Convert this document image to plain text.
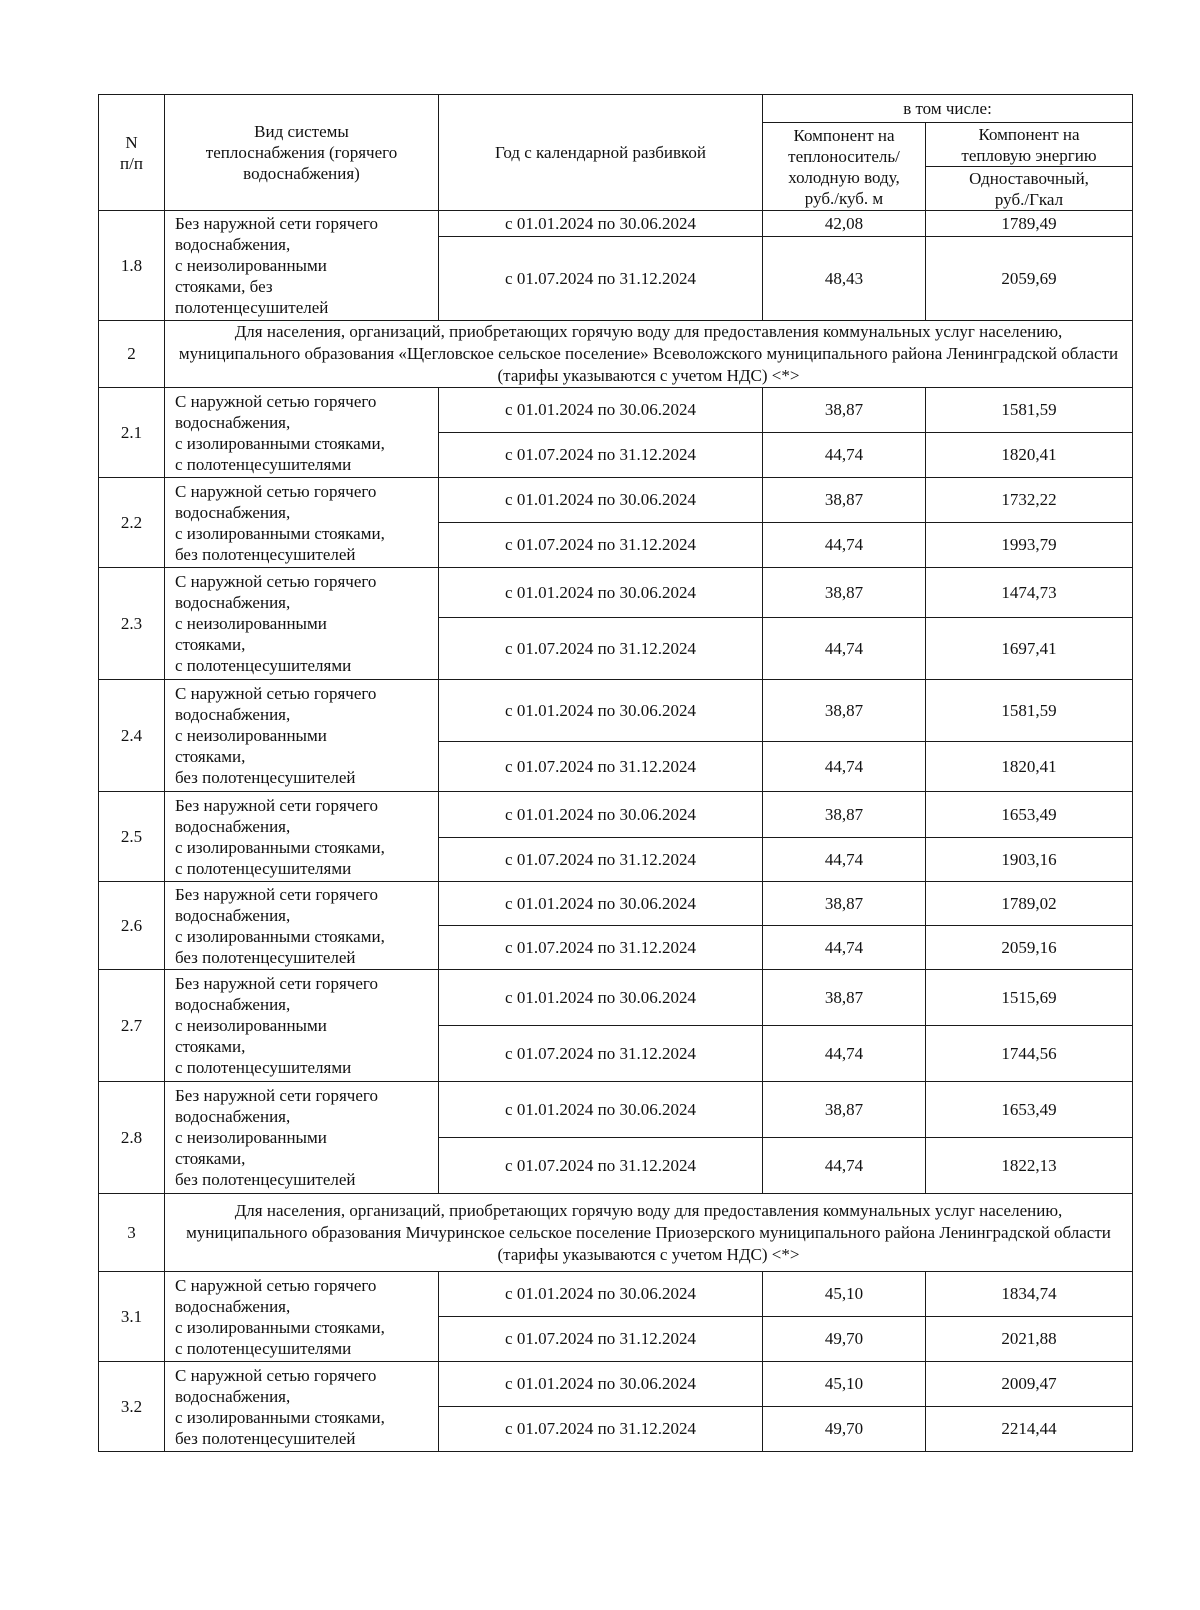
N
п/п	Вид системы
теплоснабжения (горячего
водоснабжения)	Год с календарной разбивкой	в том числе:	
			Компонент на
теплоноситель/
холодную воду,
руб./куб. м	Компонент на
тепловую энергию
				Одноставочный,
руб./Гкал
1.8	Без наружной сети горячего
водоснабжения,
с неизолированными
стояками, без
полотенцесушителей	с 01.01.2024 по 30.06.2024	42,08	1789,49
		с 01.07.2024 по 31.12.2024	48,43	2059,69
2	Для населения, организаций, приобретающих горячую воду для предоставления коммунальных услуг населению, муниципального образования «Щегловское сельское поселение» Всеволожского муниципального района Ленинградской области (тарифы указываются с учетом НДС) <*>			
2.1	С наружной сетью горячего
водоснабжения,
с изолированными стояками,
с полотенцесушителями	с 01.01.2024 по 30.06.2024	38,87	1581,59
		с 01.07.2024 по 31.12.2024	44,74	1820,41
2.2	С наружной сетью горячего
водоснабжения,
с изолированными стояками,
без полотенцесушителей	с 01.01.2024 по 30.06.2024	38,87	1732,22
		с 01.07.2024 по 31.12.2024	44,74	1993,79
2.3	С наружной сетью горячего
водоснабжения,
с неизолированными
стояками,
с полотенцесушителями	с 01.01.2024 по 30.06.2024	38,87	1474,73
		с 01.07.2024 по 31.12.2024	44,74	1697,41
2.4	С наружной сетью горячего
водоснабжения,
с неизолированными
стояками,
без полотенцесушителей	с 01.01.2024 по 30.06.2024	38,87	1581,59
		с 01.07.2024 по 31.12.2024	44,74	1820,41
2.5	Без наружной сети горячего
водоснабжения,
с изолированными стояками,
с полотенцесушителями	с 01.01.2024 по 30.06.2024	38,87	1653,49
		с 01.07.2024 по 31.12.2024	44,74	1903,16
2.6	Без наружной сети горячего
водоснабжения,
с изолированными стояками,
без полотенцесушителей	с 01.01.2024 по 30.06.2024	38,87	1789,02
		с 01.07.2024 по 31.12.2024	44,74	2059,16
2.7	Без наружной сети горячего
водоснабжения,
с неизолированными
стояками,
с полотенцесушителями	с 01.01.2024 по 30.06.2024	38,87	1515,69
		с 01.07.2024 по 31.12.2024	44,74	1744,56
2.8	Без наружной сети горячего
водоснабжения,
с неизолированными
стояками,
без полотенцесушителей	с 01.01.2024 по 30.06.2024	38,87	1653,49
		с 01.07.2024 по 31.12.2024	44,74	1822,13
3	Для населения, организаций, приобретающих горячую воду для предоставления коммунальных услуг населению, муниципального образования Мичуринское сельское поселение Приозерского муниципального района Ленинградской области (тарифы указываются с учетом НДС) <*>			
3.1	С наружной сетью горячего
водоснабжения,
с изолированными стояками,
с полотенцесушителями	с 01.01.2024 по 30.06.2024	45,10	1834,74
		с 01.07.2024 по 31.12.2024	49,70	2021,88
3.2	С наружной сетью горячего
водоснабжения,
с изолированными стояками,
без полотенцесушителей	с 01.01.2024 по 30.06.2024	45,10	2009,47
		с 01.07.2024 по 31.12.2024	49,70	2214,44
